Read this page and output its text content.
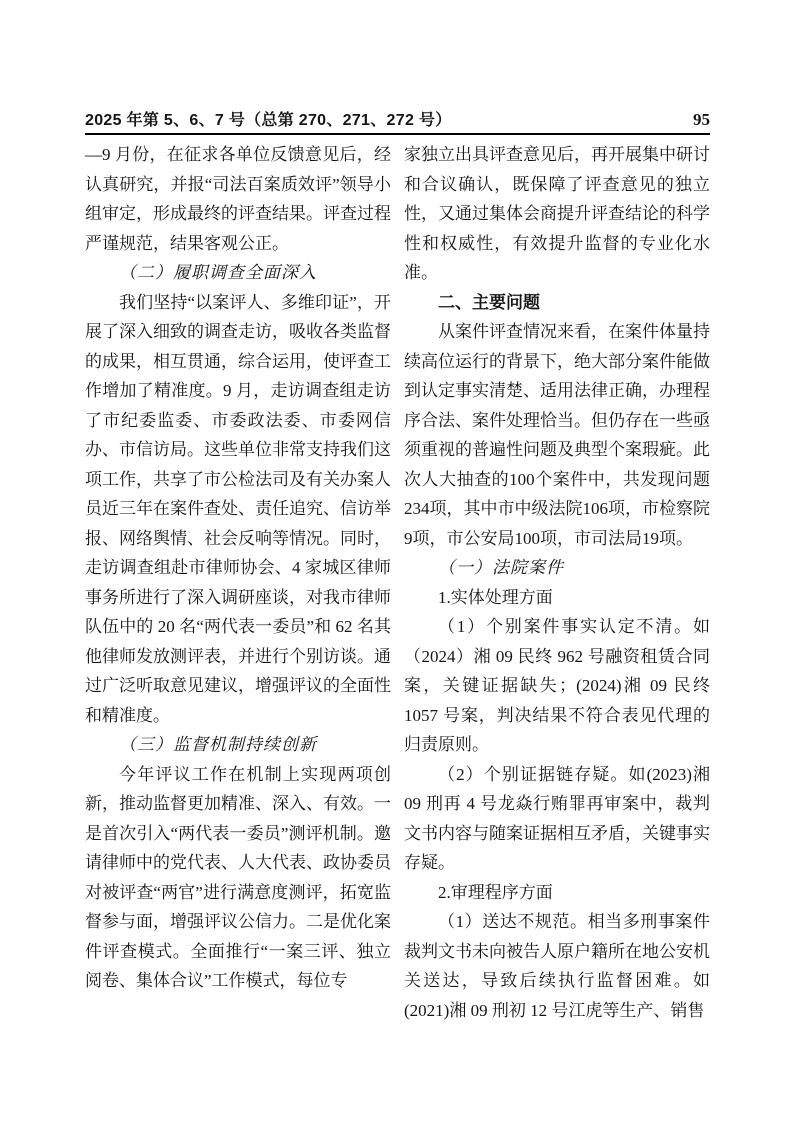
2025 年第 5、6、7 号（总第 270、271、272 号）	95

—9 月份，在征求各单位反馈意见后，经认真研究，并报“司法百案质效评”领导小组审定，形成最终的评查结果。评查过程严谨规范，结果客观公正。

（二）履职调查全面深入

我们坚持“以案评人、多维印证”，开展了深入细致的调查走访，吸收各类监督的成果，相互贯通，综合运用，使评查工作增加了精准度。9 月，走访调查组走访了市纪委监委、市委政法委、市委网信办、市信访局。这些单位非常支持我们这项工作，共享了市公检法司及有关办案人员近三年在案件查处、责任追究、信访举报、网络舆情、社会反响等情况。同时，走访调查组赴市律师协会、4 家城区律师事务所进行了深入调研座谈，对我市律师队伍中的 20 名“两代表一委员”和 62 名其他律师发放测评表，并进行个别访谈。通过广泛听取意见建议，增强评议的全面性和精准度。

（三）监督机制持续创新

今年评议工作在机制上实现两项创新，推动监督更加精准、深入、有效。一是首次引入“两代表一委员”测评机制。邀请律师中的党代表、人大代表、政协委员对被评查“两官”进行满意度测评，拓宽监督参与面，增强评议公信力。二是优化案件评查模式。全面推行“一案三评、独立阅卷、集体合议”工作模式，每位专

家独立出具评查意见后，再开展集中研讨和合议确认，既保障了评查意见的独立性，又通过集体会商提升评查结论的科学性和权威性，有效提升监督的专业化水准。

二、主要问题

从案件评查情况来看，在案件体量持续高位运行的背景下，绝大部分案件能做到认定事实清楚、适用法律正确，办理程序合法、案件处理恰当。但仍存在一些亟须重视的普遍性问题及典型个案瑕疵。此次人大抽查的100个案件中，共发现问题234项，其中市中级法院106项，市检察院9项，市公安局100项，市司法局19项。

（一）法院案件

1.实体处理方面

（1）个别案件事实认定不清。如（2024）湘 09 民终 962 号融资租赁合同案，关键证据缺失；(2024)湘 09 民终 1057 号案，判决结果不符合表见代理的归责原则。

（2）个别证据链存疑。如(2023)湘 09 刑再 4 号龙焱行贿罪再审案中，裁判文书内容与随案证据相互矛盾，关键事实存疑。

2.审理程序方面

（1）送达不规范。相当多刑事案件裁判文书未向被告人原户籍所在地公安机关送达，导致后续执行监督困难。如(2021)湘 09 刑初 12 号江虎等生产、销售
